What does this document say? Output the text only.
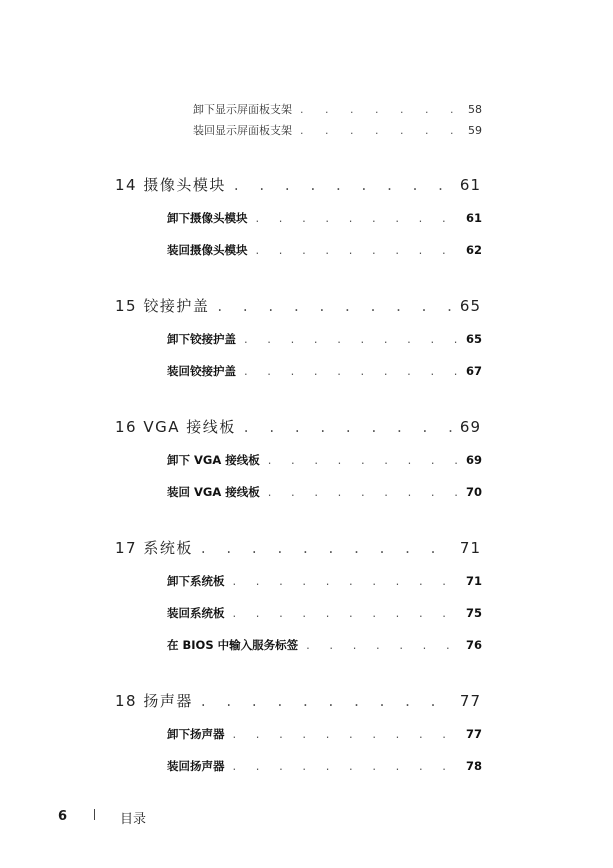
卸下显示屏面板支架 . . .	58
装回显示屏面板支架 . . .	59
14 摄像头模块 . . .	61
卸下摄像头模块 . . .	61
装回摄像头模块 . . .	62
15 铰接护盖 . . .	65
卸下铰接护盖 . . .	65
装回铰接护盖 . . .	67
16 VGA 接线板 . . .	69
卸下 VGA 接线板 . . .	69
装回 VGA 接线板 . . .	70
17 系统板 . . .	71
卸下系统板 . . .	71
装回系统板 . . .	75
在 BIOS 中输入服务标签 . . .	76
18 扬声器 . . .	77
卸下扬声器 . . .	77
装回扬声器 . . .	78
6	目录
